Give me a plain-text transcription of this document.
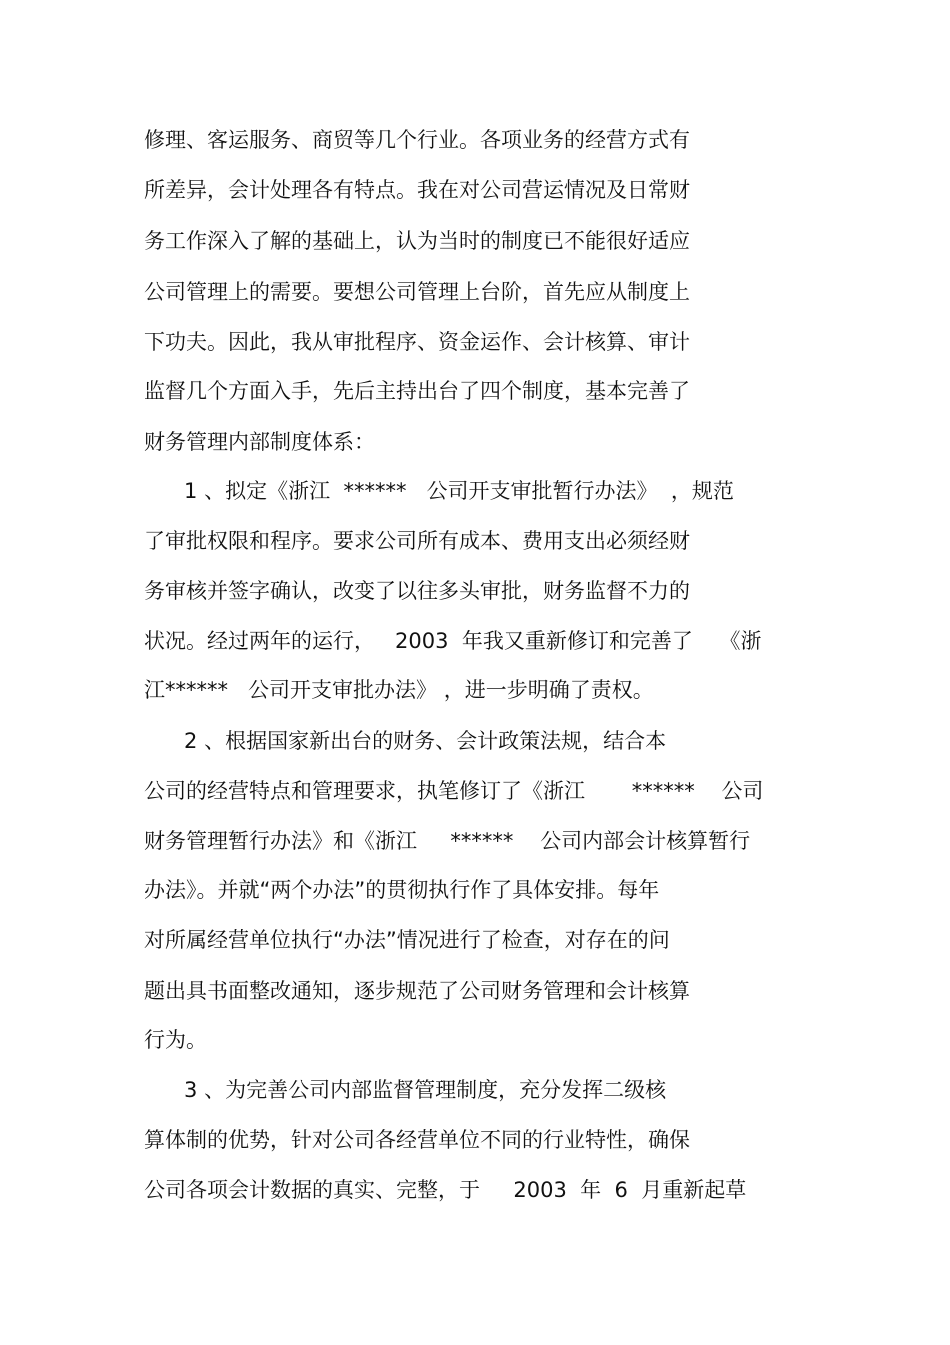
修理、客运服务、商贸等几个行业。各项业务的经营方式有

所差异，会计处理各有特点。我在对公司营运情况及日常财

务工作深入了解的基础上，认为当时的制度已不能很好适应

公司管理上的需要。要想公司管理上台阶，首先应从制度上

下功夫。因此，我从审批程序、资金运作、会计核算、审计

监督几个方面入手，先后主持出台了四个制度，基本完善了

财务管理内部制度体系：

1 、拟定《浙江  ******   公司开支审批暂行办法》  ，规范

了审批权限和程序。要求公司所有成本、费用支出必须经财

务审核并签字确认，改变了以往多头审批，财务监督不力的

状况。经过两年的运行，   2003  年我又重新修订和完善了    《浙

江******   公司开支审批办法》 ，进一步明确了责权。

2 、根据国家新出台的财务、会计政策法规，结合本

公司的经营特点和管理要求，执笔修订了《浙江       ******    公司

财务管理暂行办法》和《浙江     ******    公司内部会计核算暂行

办法》。并就“两个办法”的贯彻执行作了具体安排。每年

对所属经营单位执行“办法”情况进行了检查，对存在的问

题出具书面整改通知，逐步规范了公司财务管理和会计核算

行为。

3 、为完善公司内部监督管理制度，充分发挥二级核

算体制的优势，针对公司各经营单位不同的行业特性，确保

公司各项会计数据的真实、完整，于     2003  年  6  月重新起草
